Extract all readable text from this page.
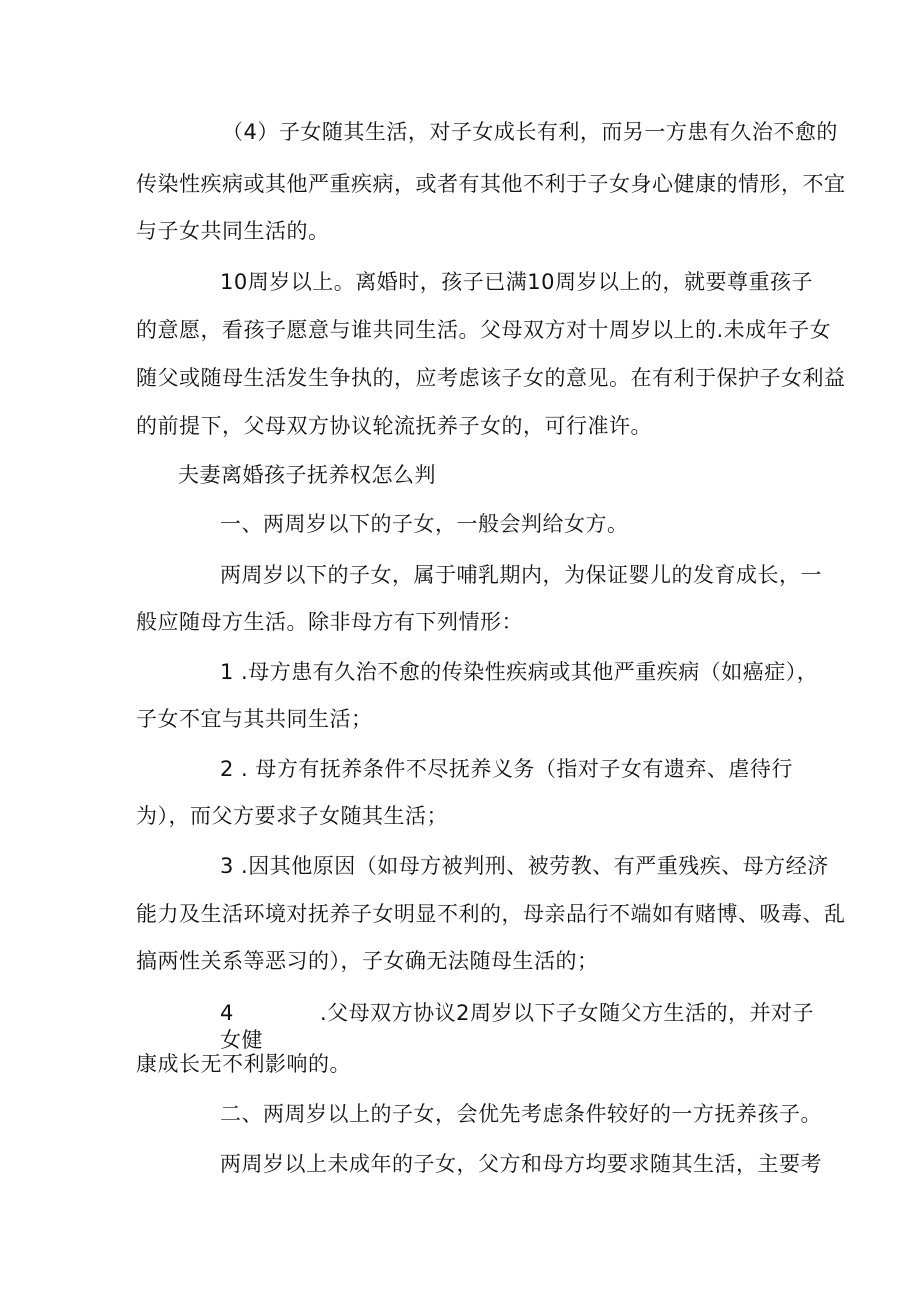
（4）子女随其生活，对子女成长有利，而另一方患有久治不愈的
传染性疾病或其他严重疾病，或者有其他不利于子女身心健康的情形，不宜
与子女共同生活的。
10周岁以上。离婚时，孩子已满10周岁以上的，就要尊重孩子
的意愿，看孩子愿意与谁共同生活。父母双方对十周岁以上的.未成年子女
随父或随母生活发生争执的，应考虑该子女的意见。在有利于保护子女利益
的前提下，父母双方协议轮流抚养子女的，可行准许。
夫妻离婚孩子抚养权怎么判
一、两周岁以下的子女，一般会判给女方。
两周岁以下的子女，属于哺乳期内，为保证婴儿的发育成长，一
般应随母方生活。除非母方有下列情形：
1 .母方患有久治不愈的传染性疾病或其他严重疾病（如癌症），
子女不宜与其共同生活；
2 . 母方有抚养条件不尽抚养义务（指对子女有遗弃、虐待行
为），而父方要求子女随其生活；
3 .因其他原因（如母方被判刑、被劳教、有严重残疾、母方经济
能力及生活环境对抚养子女明显不利的，母亲品行不端如有赌博、吸毒、乱
搞两性关系等恶习的），子女确无法随母生活的；
4	.父母双方协议2周岁以下子女随父方生活的，并对子
女健
康成长无不利影响的。
二、两周岁以上的子女，会优先考虑条件较好的一方抚养孩子。
两周岁以上未成年的子女，父方和母方均要求随其生活，主要考
